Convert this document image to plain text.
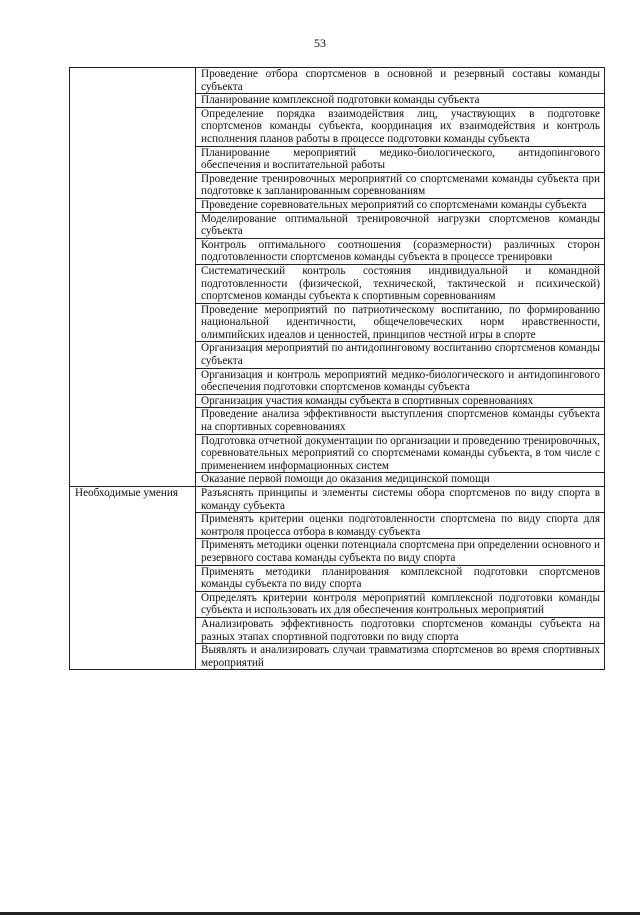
53
	Проведение отбора спортсменов в основной и резервный составы команды субъекта
	Планирование комплексной подготовки команды субъекта
	Определение порядка взаимодействия лиц, участвующих в подготовке спортсменов команды субъекта, координация их взаимодействия и контроль исполнения планов работы в процессе подготовки команды субъекта
	Планирование мероприятий медико-биологического, антидопингового обеспечения и воспитательной работы
	Проведение тренировочных мероприятий со спортсменами команды субъекта при подготовке к запланированным соревнованиям
	Проведение соревновательных мероприятий со спортсменами команды субъекта
	Моделирование оптимальной тренировочной нагрузки спортсменов команды субъекта
	Контроль оптимального соотношения (соразмерности) различных сторон подготовленности спортсменов команды субъекта в процессе тренировки
	Систематический контроль состояния индивидуальной и командной подготовленности (физической, технической, тактической и психической) спортсменов команды субъекта к спортивным соревнованиям
	Проведение мероприятий по патриотическому воспитанию, по формированию национальной идентичности, общечеловеческих норм нравственности, олимпийских идеалов и ценностей, принципов честной игры в спорте
	Организация мероприятий по антидопинговому воспитанию спортсменов команды субъекта
	Организация и контроль мероприятий медико-биологического и антидопингового обеспечения подготовки спортсменов команды субъекта
	Организация участия команды субъекта в спортивных соревнованиях
	Проведение анализа эффективности выступления спортсменов команды субъекта на спортивных соревнованиях
	Подготовка отчетной документации по организации и проведению тренировочных, соревновательных мероприятий со спортсменами команды субъекта, в том числе с применением информационных систем
	Оказание первой помощи до оказания медицинской помощи
Необходимые умения	Разъяснять принципы и элементы системы обора спортсменов по виду спорта в команду субъекта
	Применять критерии оценки подготовленности спортсмена по виду спорта для контроля процесса отбора в команду субъекта
	Применять методики оценки потенциала спортсмена при определении основного и резервного состава команды субъекта по виду спорта
	Применять методики планирования комплексной подготовки спортсменов команды субъекта по виду спорта
	Определять критерии контроля мероприятий комплексной подготовки команды субъекта и использовать их для обеспечения контрольных мероприятий
	Анализировать эффективность подготовки спортсменов команды субъекта на разных этапах спортивной подготовки по виду спорта
	Выявлять и анализировать случаи травматизма спортсменов во время спортивных мероприятий
